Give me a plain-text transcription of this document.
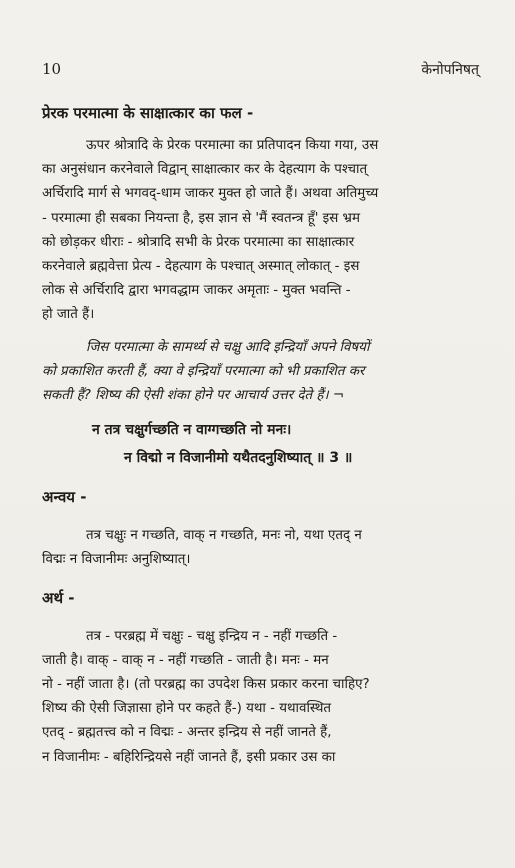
10	केनोपनिषत्

प्रेरक परमात्मा के साक्षात्कार का फल -

ऊपर श्रोत्रादि के प्रेरक परमात्मा का प्रतिपादन किया गया, उस
का अनुसंधान करनेवाले विद्वान् साक्षात्कार कर के देहत्याग के पश्चात्
अर्चिरादि मार्ग से भगवद्-धाम जाकर मुक्त हो जाते हैं। अथवा अतिमुच्य
- परमात्मा ही सबका नियन्ता है, इस ज्ञान से 'मैं स्वतन्त्र हूँ' इस भ्रम
को छोड़कर धीराः - श्रोत्रादि सभी के प्रेरक परमात्मा का साक्षात्कार
करनेवाले ब्रह्मवेत्ता प्रेत्य - देहत्याग के पश्चात् अस्मात् लोकात् - इस
लोक से अर्चिरादि द्वारा भगवद्धाम जाकर अमृताः - मुक्त भवन्ति -
हो जाते हैं।

जिस परमात्मा के सामर्थ्य से चक्षु आदि इन्द्रियाँ अपने विषयों
को प्रकाशित करती हैं, क्या वे इन्द्रियाँ परमात्मा को भी प्रकाशित कर
सकती हैं? शिष्य की ऐसी शंका होने पर आचार्य उत्तर देते हैं। ¬

न तत्र चक्षुर्गच्छति न वाग्गच्छति नो मनः।
न विद्मो न विजानीमो यथैतदनुशिष्यात् ॥ 3 ॥

अन्वय -

तत्र चक्षुः न गच्छति, वाक् न गच्छति, मनः नो, यथा एतद् न
विद्मः न विजानीमः अनुशिष्यात्।

अर्थ -

तत्र - परब्रह्म में चक्षुः - चक्षु इन्द्रिय न - नहीं गच्छति -
जाती है। वाक् - वाक् न - नहीं गच्छति - जाती है। मनः - मन
नो - नहीं जाता है। (तो परब्रह्म का उपदेश किस प्रकार करना चाहिए?
शिष्य की ऐसी जिज्ञासा होने पर कहते हैं-) यथा - यथावस्थित
एतद् - ब्रह्मतत्त्व को न विद्मः - अन्तर इन्द्रिय से नहीं जानते हैं,
न विजानीमः - बहिरिन्द्रियसे नहीं जानते हैं, इसी प्रकार उस का
